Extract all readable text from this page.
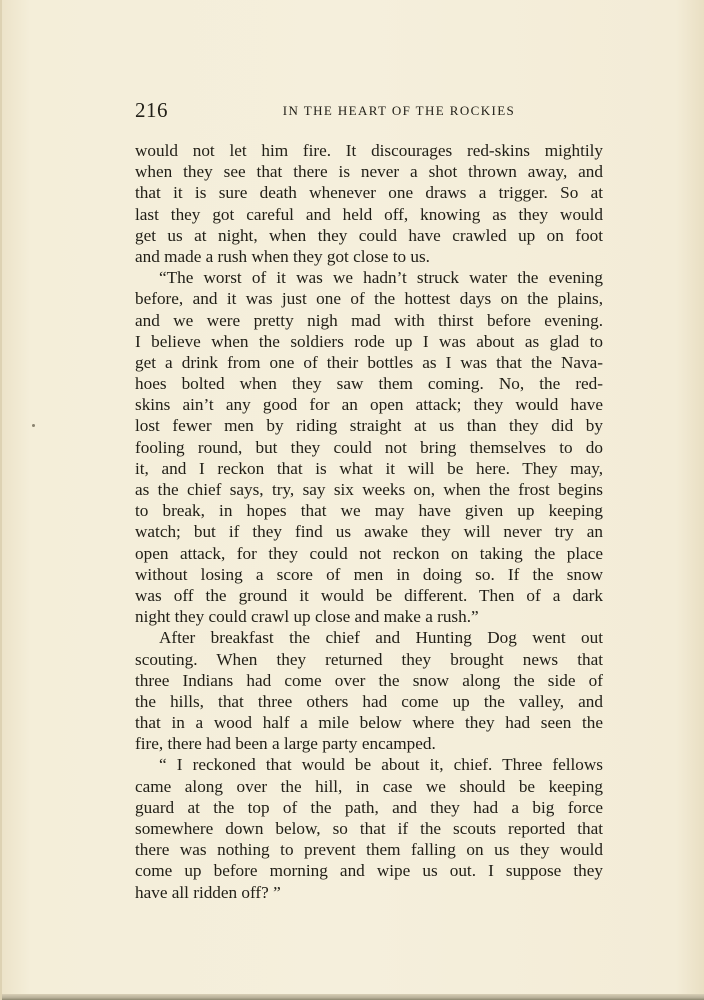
216	IN THE HEART OF THE ROCKIES
would not let him fire. It discourages red-skins mightily
when they see that there is never a shot thrown away, and
that it is sure death whenever one draws a trigger. So at
last they got careful and held off, knowing as they would
get us at night, when they could have crawled up on foot
and made a rush when they got close to us.
“The worst of it was we hadn’t struck water the evening
before, and it was just one of the hottest days on the plains,
and we were pretty nigh mad with thirst before evening.
I believe when the soldiers rode up I was about as glad to
get a drink from one of their bottles as I was that the Nava-
hoes bolted when they saw them coming. No, the red-
skins ain’t any good for an open attack; they would have
lost fewer men by riding straight at us than they did by
fooling round, but they could not bring themselves to do
it, and I reckon that is what it will be here. They may,
as the chief says, try, say six weeks on, when the frost begins
to break, in hopes that we may have given up keeping
watch; but if they find us awake they will never try an
open attack, for they could not reckon on taking the place
without losing a score of men in doing so. If the snow
was off the ground it would be different. Then of a dark
night they could crawl up close and make a rush.”
After breakfast the chief and Hunting Dog went out
scouting. When they returned they brought news that
three Indians had come over the snow along the side of
the hills, that three others had come up the valley, and
that in a wood half a mile below where they had seen the
fire, there had been a large party encamped.
“ I reckoned that would be about it, chief. Three fellows
came along over the hill, in case we should be keeping
guard at the top of the path, and they had a big force
somewhere down below, so that if the scouts reported that
there was nothing to prevent them falling on us they would
come up before morning and wipe us out. I suppose they
have all ridden off? ”
